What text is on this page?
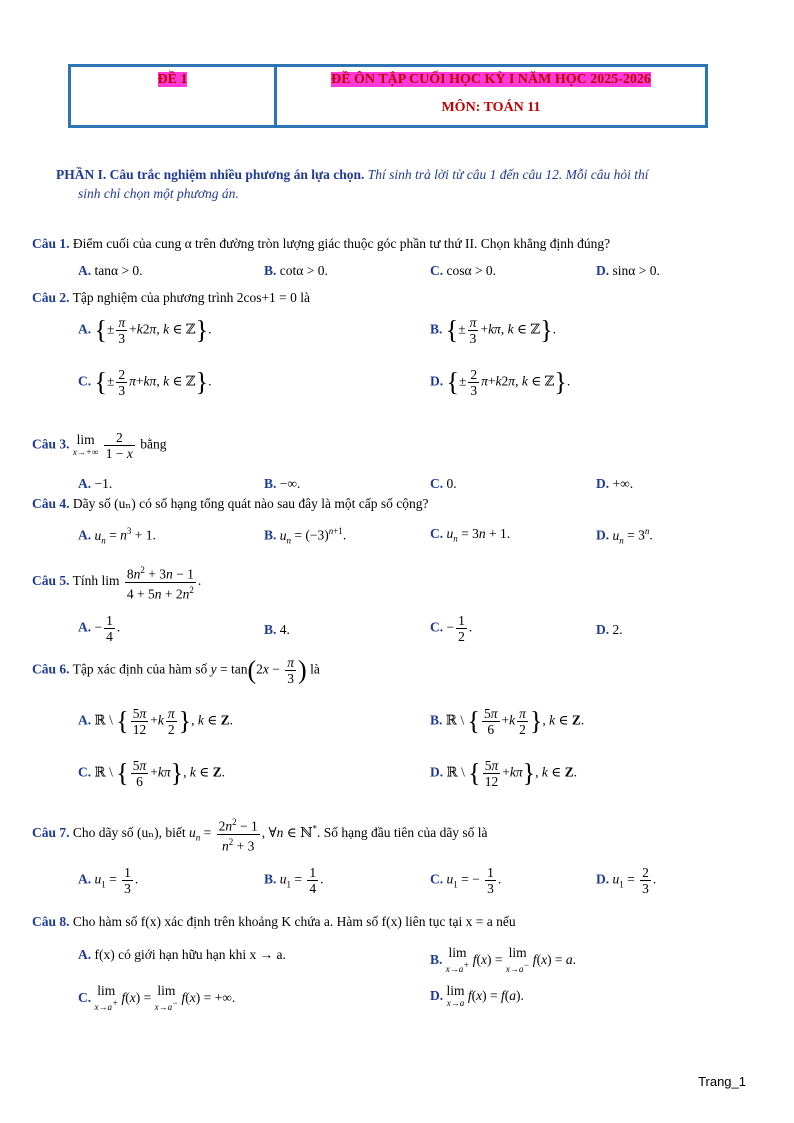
ĐỀ 1	ĐỀ ÔN TẬP CUỐI HỌC KỲ I NĂM HỌC 2025-2026
MÔN: TOÁN 11
PHẦN I. Câu trắc nghiệm nhiều phương án lựa chọn. Thí sinh trả lời từ câu 1 đến câu 12. Mỗi câu hỏi thí
sinh chỉ chọn một phương án.
Câu 1. Điểm cuối của cung α trên đường tròn lượng giác thuộc góc phần tư thứ II. Chọn khẳng định đúng?
A. tanα > 0.	B. cotα > 0.	C. cosα > 0.	D. sinα > 0.
Câu 2. Tập nghiệm của phương trình 2cos+1 = 0 là
A. {± $\frac{\pi}{3} +k2\pi$, k ∈ ℤ}.	B. {± $\frac{\pi}{3} +k\pi$, k ∈ ℤ}.
C. {± $\frac{2}{3} \pi+k\pi$, k ∈ ℤ}.	D. {± $\frac{2}{3} \pi+k2\pi$, k ∈ ℤ}.
Câu 3. lim
x→+∞
$\frac{2}{1 - x}$ bằng
A. −1.	B. −∞.	C. 0.	D. +∞.
Câu 4. Dãy số (uₙ) có số hạng tổng quát nào sau đây là một cấp số cộng?
A. $u_n = n^3 + 1$.	B. $u_n = (-3)^{n+1}$.	C. $u_n = 3n + 1$.	D. $u_n = 3^n$.
Câu 5. Tính $\lim \frac{8n^2 + 3n - 1}{4 + 5n + 2n^2}$ .
A. − $\frac{1}{4}$ .	B. 4.	C. − $\frac{1}{2}$ .	D. 2.
Câu 6. Tập xác định của hàm số $y = \tan(2x - \frac{\pi}{3}$ ) là
A. ℝ \ { $\frac{5\pi}{12} +k \frac{\pi}{2}$ }, k ∈ Z.	B. ℝ \ { $\frac{5\pi}{6} +k \frac{\pi}{2}$ }, k ∈ Z.
C. ℝ \ { $\frac{5\pi}{6} +k\pi$}, k ∈ Z.	D. ℝ \ { $\frac{5\pi}{12} +k\pi$}, k ∈ Z.
Câu 7. Cho dãy số (uₙ), biết $u_n = \frac{2n^2 - 1}{n^2 + 3}$ , ∀n ∈ ℕ*. Số hạng đầu tiên của dãy số là
A. $u_1 = \frac{1}{3}$ .	B. $u_1 = \frac{1}{4}$ .	C. $u_1$ = − $\frac{1}{3}$ .	D. $u_1 = \frac{2}{3}$ .
Câu 8. Cho hàm số f(x) xác định trên khoảng K chứa a. Hàm số f(x) liên tục tại x = a nếu
A. f(x) có giới hạn hữu hạn khi x → a.	B. lim
x→a+ f(x) = lim
x→a− f(x) = a.
C. lim
x→a+ f(x) = lim
x→a− f(x) = +∞.	D. lim
x→a f(x) = f(a).
Trang_1
